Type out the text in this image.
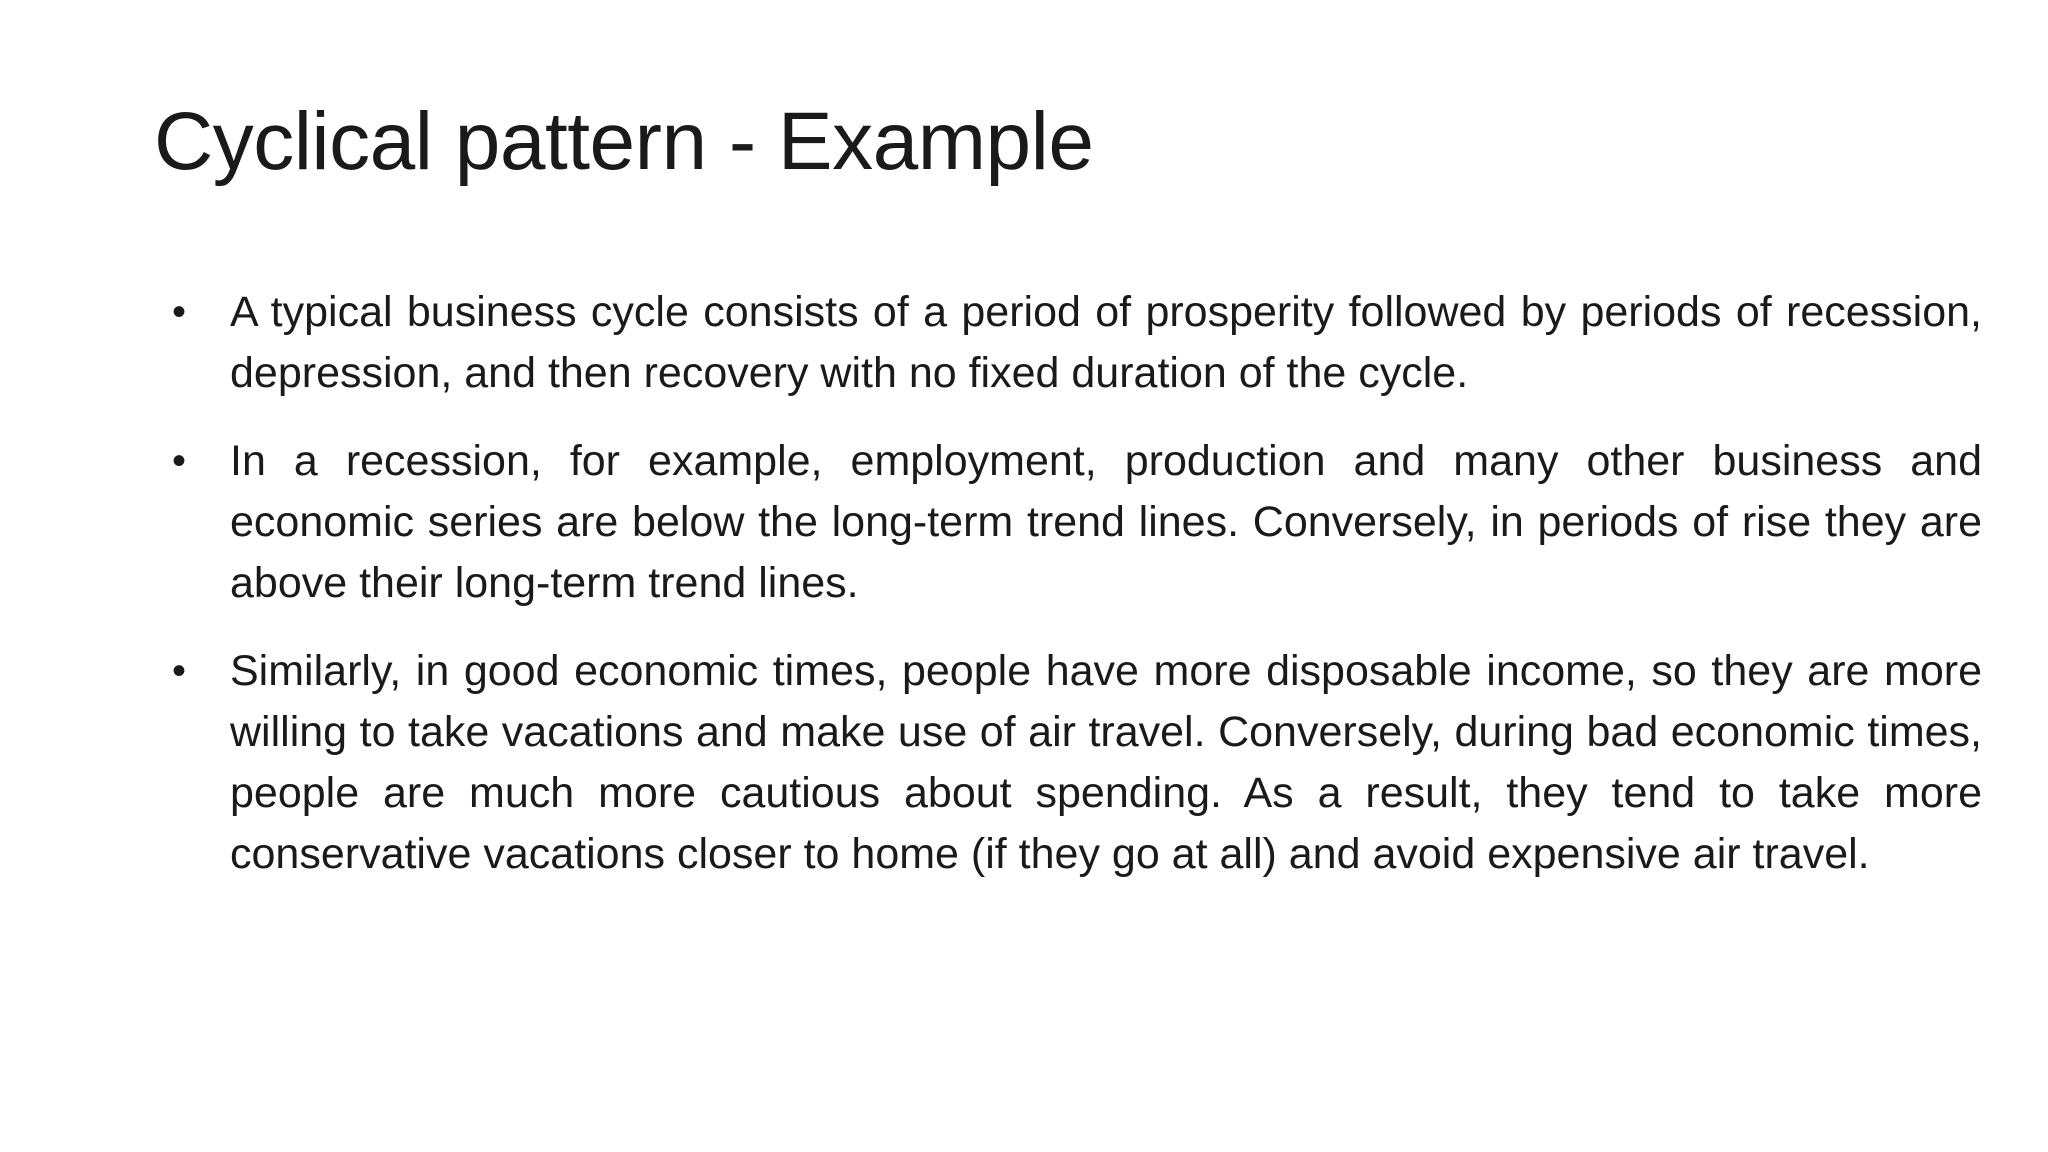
Cyclical pattern - Example
•	A typical business cycle consists of a period of prosperity followed by periods of recession, depression, and then recovery with no fixed duration of the cycle.
•	In a recession, for example, employment, production and many other business and economic series are below the long-term trend lines. Conversely, in periods of rise they are above their long-term trend lines.
•	Similarly, in good economic times, people have more disposable income, so they are more willing to take vacations and make use of air travel. Conversely, during bad economic times, people are much more cautious about spending. As a result, they tend to take more conservative vacations closer to home (if they go at all) and avoid expensive air travel.
